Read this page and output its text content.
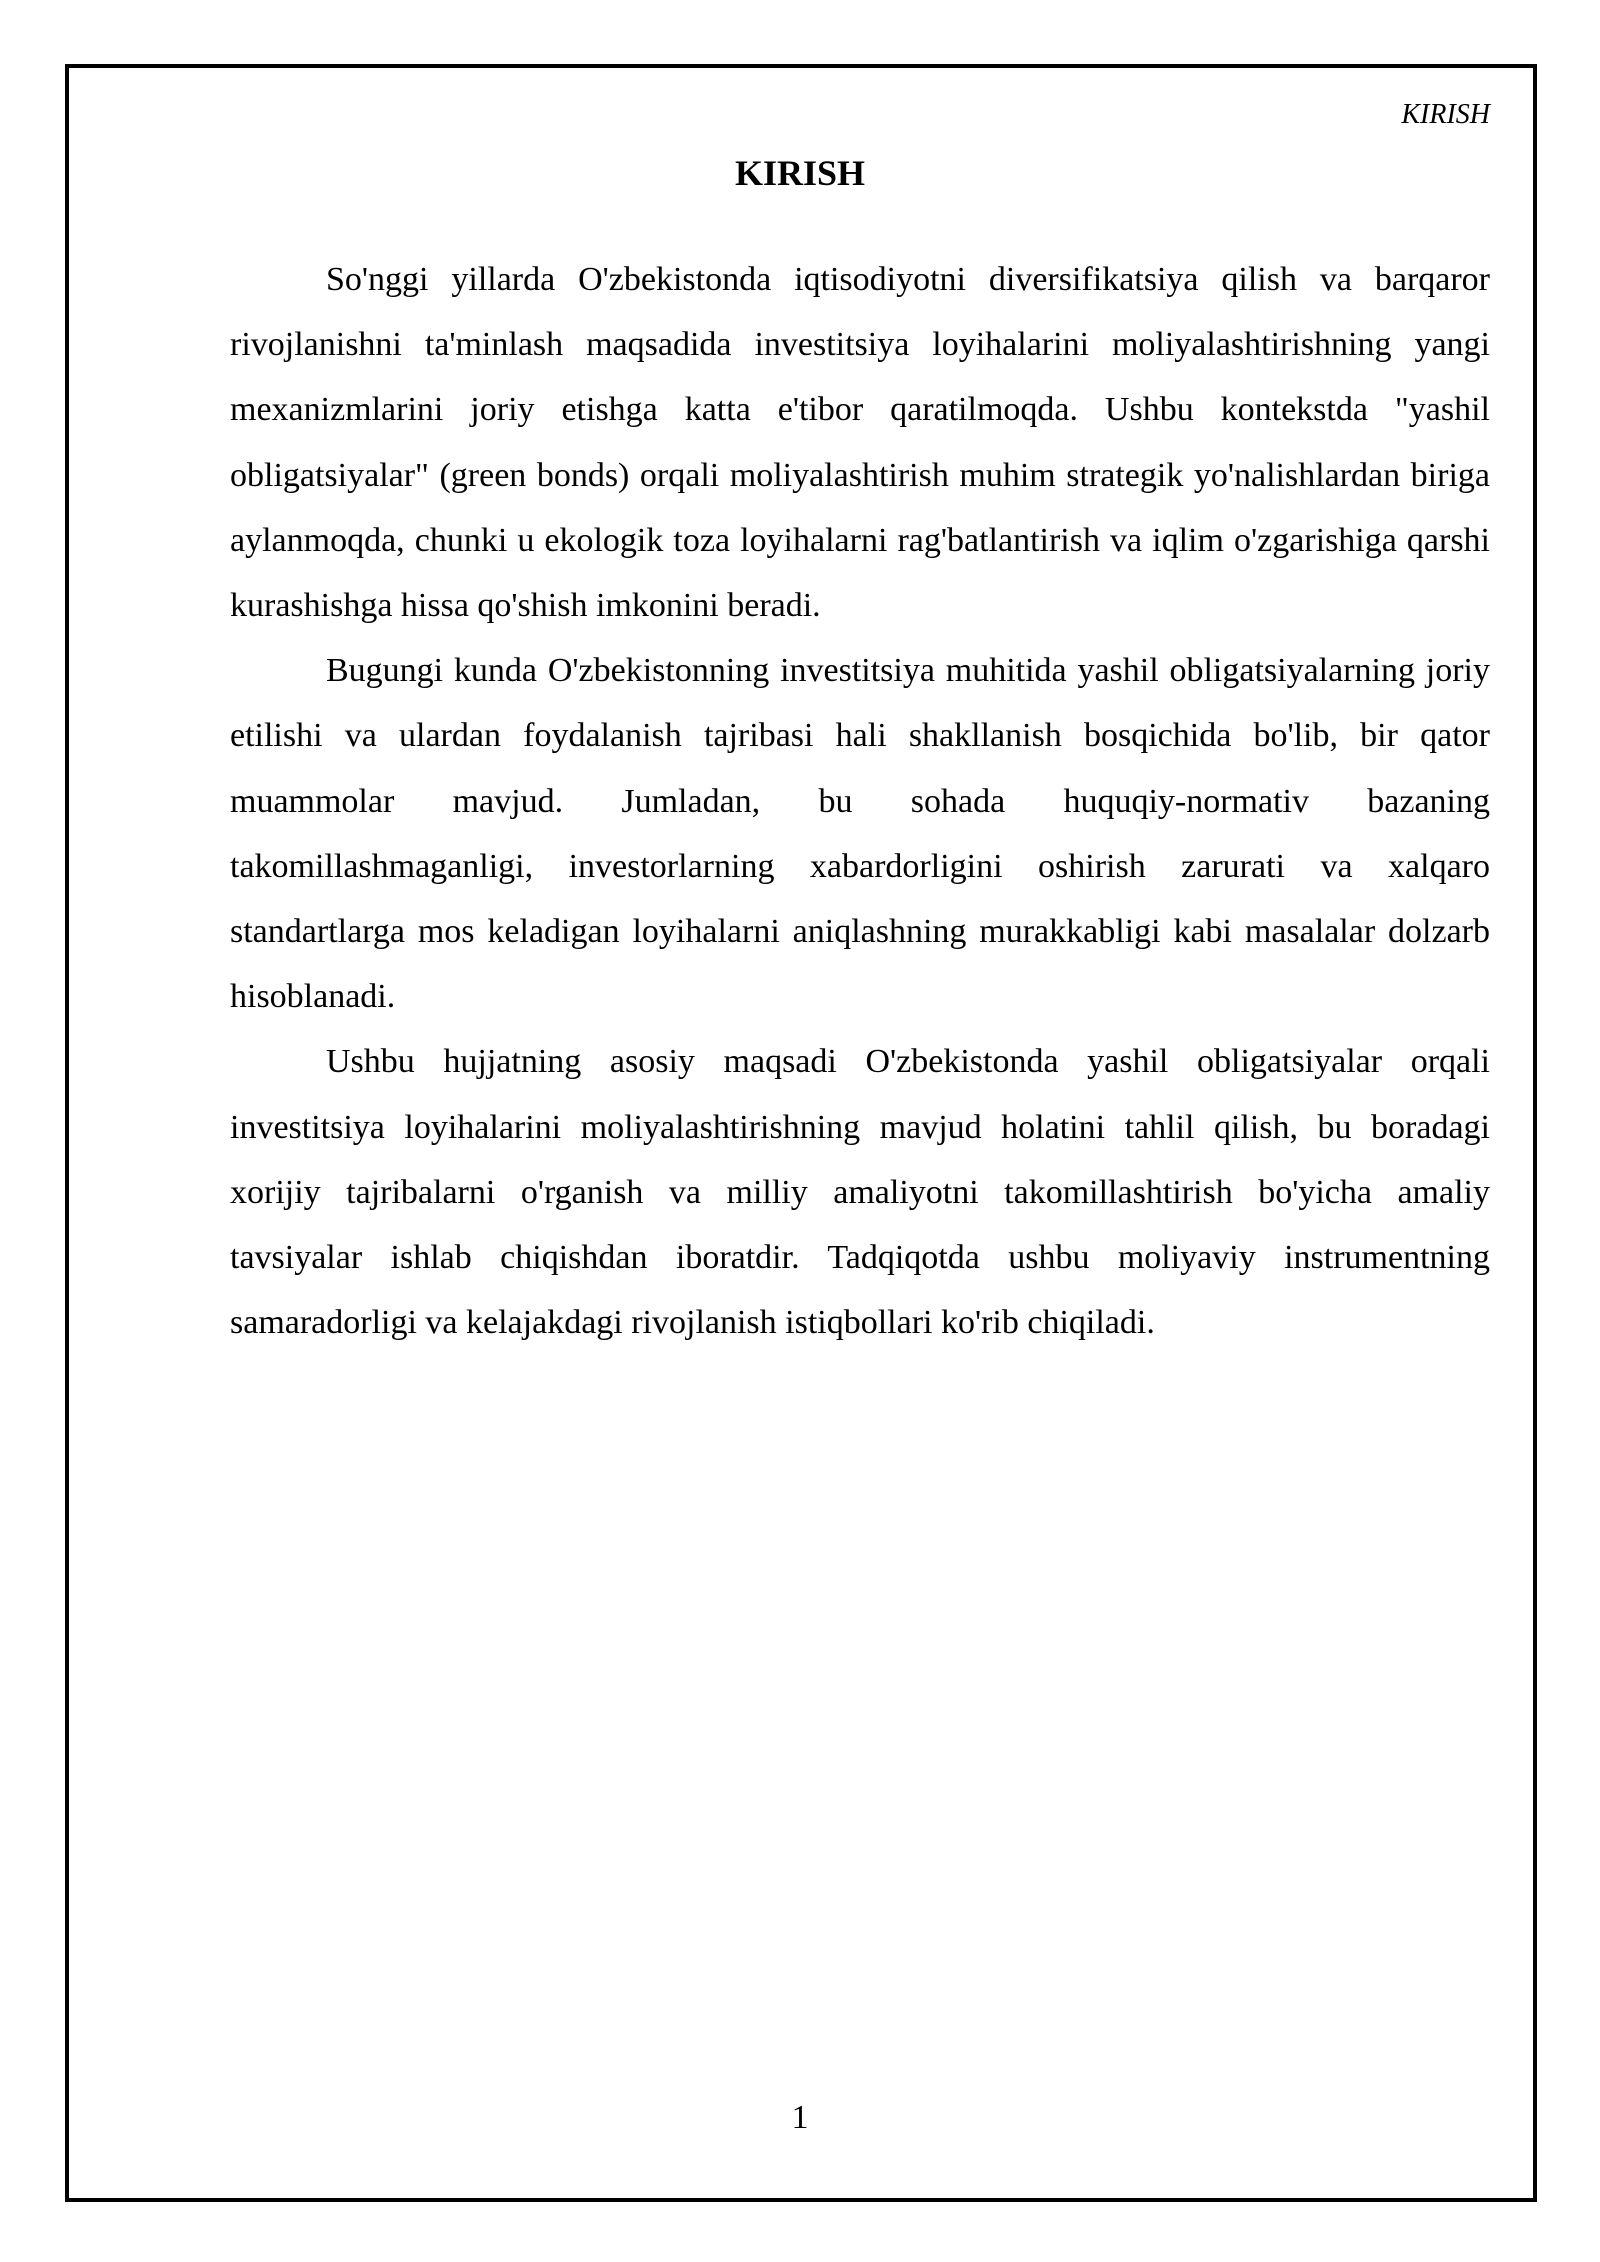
KIRISH
KIRISH

So'nggi yillarda O'zbekistonda iqtisodiyotni diversifikatsiya qilish va barqaror rivojlanishni ta'minlash maqsadida investitsiya loyihalarini moliyalashtirishning yangi mexanizmlarini joriy etishga katta e'tibor qaratilmoqda. Ushbu kontekstda "yashil obligatsiyalar" (green bonds) orqali moliyalashtirish muhim strategik yo'nalishlardan biriga aylanmoqda, chunki u ekologik toza loyihalarni rag'batlantirish va iqlim o'zgarishiga qarshi kurashishga hissa qo'shish imkonini beradi.

Bugungi kunda O'zbekistonning investitsiya muhitida yashil obligatsiyalarning joriy etilishi va ulardan foydalanish tajribasi hali shakllanish bosqichida bo'lib, bir qator muammolar mavjud. Jumladan, bu sohada huquqiy-normativ bazaning takomillashmaganligi, investorlarning xabardorligini oshirish zarurati va xalqaro standartlarga mos keladigan loyihalarni aniqlashning murakkabligi kabi masalalar dolzarb hisoblanadi.

Ushbu hujjatning asosiy maqsadi O'zbekistonda yashil obligatsiyalar orqali investitsiya loyihalarini moliyalashtirishning mavjud holatini tahlil qilish, bu boradagi xorijiy tajribalarni o'rganish va milliy amaliyotni takomillashtirish bo'yicha amaliy tavsiyalar ishlab chiqishdan iboratdir. Tadqiqotda ushbu moliyaviy instrumentning samaradorligi va kelajakdagi rivojlanish istiqbollari ko'rib chiqiladi.

1
